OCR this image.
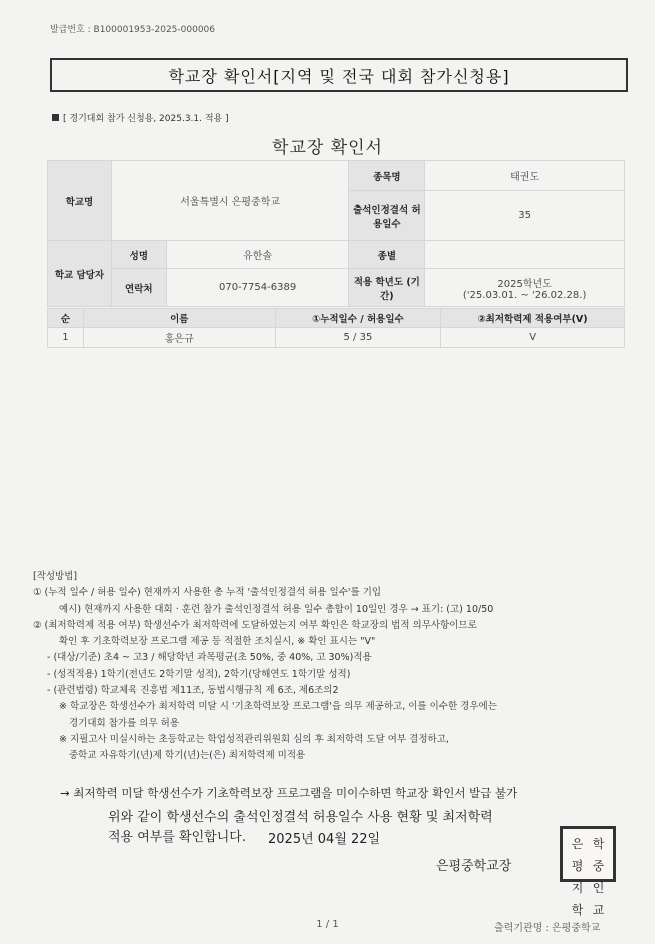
발급번호 : B100001953-2025-000006
학교장 확인서[지역 및 전국 대회 참가신청용]
[ 경기대회 참가 신청용, 2025.3.1. 적용 ]
학교장 확인서
학교명	서울특별시 은평중학교		종목명	태권도
			출석인정결석 허용일수	35

학교 담당자	성명	유한솔	종별	
	연락처	070-7754-6389	적용 학년도 (기간)	2025학년도
('25.03.01. ~ '26.02.28.)
순	이름	①누적일수 / 허용일수	②최저학력제 적용여부(V)
1	홍은규	5 / 35	V
[작성방법]
① (누적 일수 / 허용 일수) 현재까지 사용한 총 누적 '출석인정결석 허용 일수'를 기입
예시) 현재까지 사용한 대회 · 훈련 참가 출석인정결석 허용 일수 총합이 10일인 경우 → 표기: (고) 10/50
② (최저학력제 적용 여부) 학생선수가 최저학력에 도달하였는지 여부 확인은 학교장의 법적 의무사항이므로
확인 후 기초학력보장 프로그램 제공 등 적절한 조치실시, ※ 확인 표시는 "V"
- (대상/기준) 초4 ~ 고3 / 해당학년 과목평균(초 50%, 중 40%, 고 30%)적용
- (성적적용) 1학기(전년도 2학기말 성적), 2학기(당해연도 1학기말 성적)
- (관련법령) 학교체육 진흥법 제11조, 동법시행규칙 제 6조, 제6조의2
※ 학교장은 학생선수가 최저학력 미달 시 '기초학력보장 프로그램'을 의무 제공하고, 이를 이수한 경우에는
경기대회 참가를 의무 허용
※ 지필고사 미실시하는 초등학교는 학업성적관리위원회 심의 후 최저학력 도달 여부 결정하고,
중학교 자유학기(년)제 학기(년)는(은) 최저학력제 미적용
→ 최저학력 미달 학생선수가 기초학력보장 프로그램을 미이수하면 학교장 확인서 발급 불가
위와 같이 학생선수의 출석인정결석 허용일수 사용 현황 및 최저학력
적용 여부를 확인합니다.	2025년 04월 22일
은평중학교장
은평
학중
지학
인교
1 / 1	출력기관명 : 은평중학교
